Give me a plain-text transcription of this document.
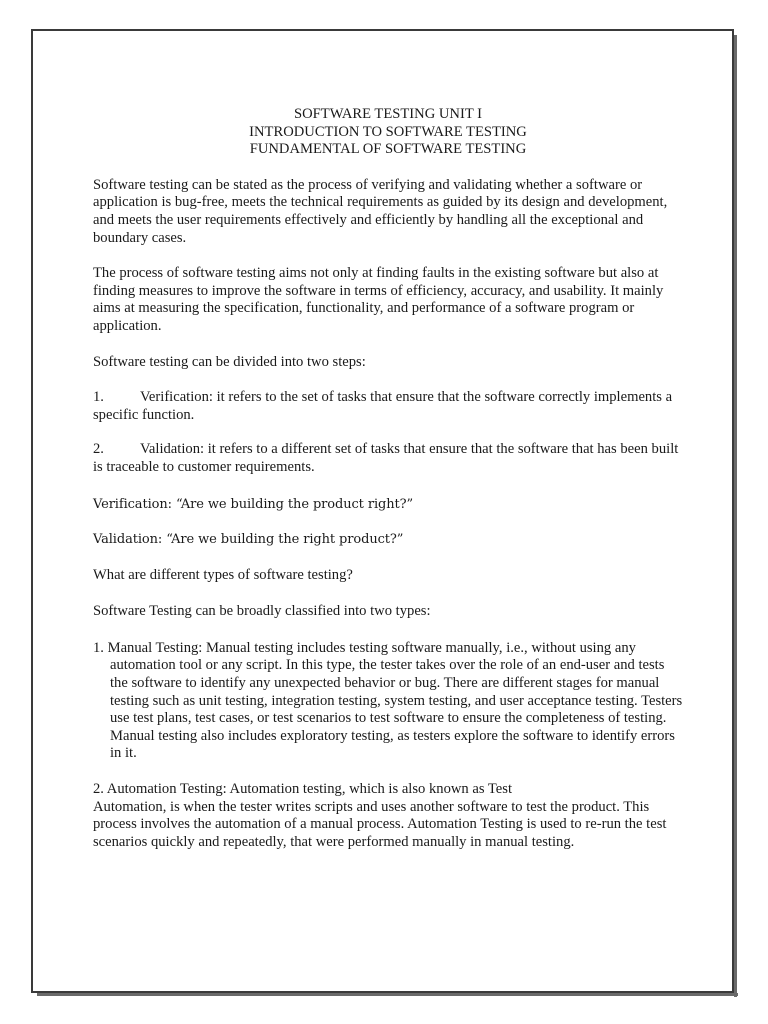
SOFTWARE TESTING UNIT I

INTRODUCTION TO SOFTWARE TESTING

FUNDAMENTAL OF SOFTWARE TESTING

Software testing can be stated as the process of verifying and validating whether a software or application is bug-free, meets the technical requirements as guided by its design and development, and meets the user requirements effectively and efficiently by handling all the exceptional and boundary cases.

The process of software testing aims not only at finding faults in the existing software but also at finding measures to improve the software in terms of efficiency, accuracy, and usability. It mainly aims at measuring the specification, functionality, and performance of a software program or application.

Software testing can be divided into two steps:

1. Verification: it refers to the set of tasks that ensure that the software correctly implements a specific function.

2. Validation: it refers to a different set of tasks that ensure that the software that has been built is traceable to customer requirements.

Verification: “Are we building the product right?”

Validation: “Are we building the right product?”

What are different types of software testing?

Software Testing can be broadly classified into two types:

1. Manual Testing: Manual testing includes testing software manually, i.e., without using any automation tool or any script. In this type, the tester takes over the role of an end-user and tests the software to identify any unexpected behavior or bug. There are different stages for manual testing such as unit testing, integration testing, system testing, and user acceptance testing. Testers use test plans, test cases, or test scenarios to test software to ensure the completeness of testing. Manual testing also includes exploratory testing, as testers explore the software to identify errors in it.

2. Automation Testing: Automation testing, which is also known as Test
Automation, is when the tester writes scripts and uses another software to test the product. This process involves the automation of a manual process. Automation Testing is used to re-run the test scenarios quickly and repeatedly, that were performed manually in manual testing.
